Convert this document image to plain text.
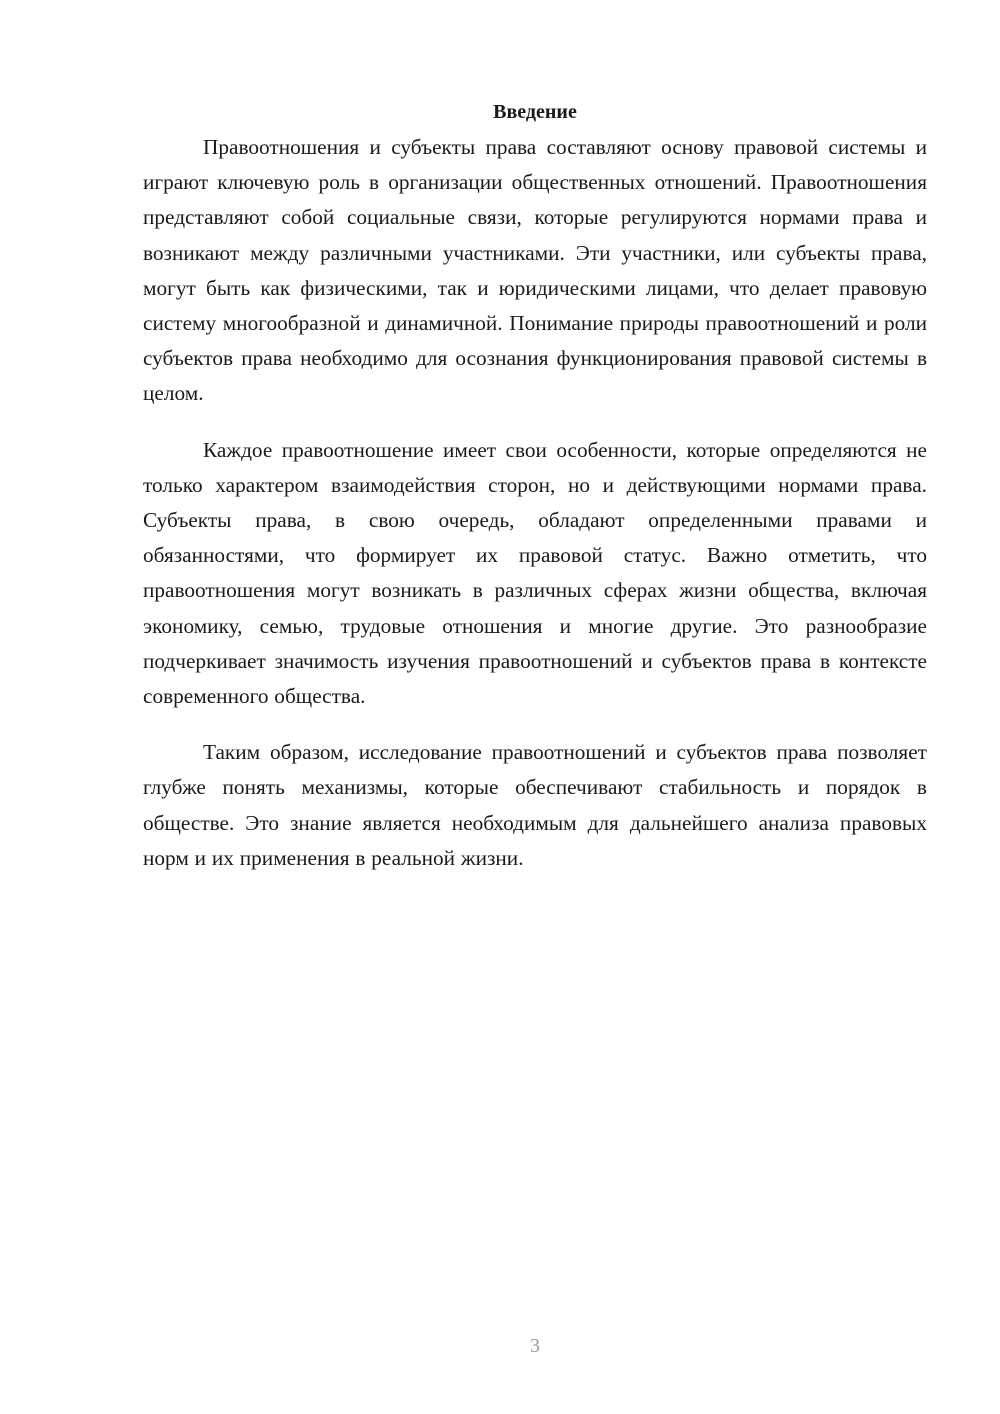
Введение

Правоотношения и субъекты права составляют основу правовой системы и играют ключевую роль в организации общественных отношений. Правоотношения представляют собой социальные связи, которые регулируются нормами права и возникают между различными участниками. Эти участники, или субъекты права, могут быть как физическими, так и юридическими лицами, что делает правовую систему многообразной и динамичной. Понимание природы правоотношений и роли субъектов права необходимо для осознания функционирования правовой системы в целом.

Каждое правоотношение имеет свои особенности, которые определяются не только характером взаимодействия сторон, но и действующими нормами права. Субъекты права, в свою очередь, обладают определенными правами и обязанностями, что формирует их правовой статус. Важно отметить, что правоотношения могут возникать в различных сферах жизни общества, включая экономику, семью, трудовые отношения и многие другие. Это разнообразие подчеркивает значимость изучения правоотношений и субъектов права в контексте современного общества.

Таким образом, исследование правоотношений и субъектов права позволяет глубже понять механизмы, которые обеспечивают стабильность и порядок в обществе. Это знание является необходимым для дальнейшего анализа правовых норм и их применения в реальной жизни.

3
